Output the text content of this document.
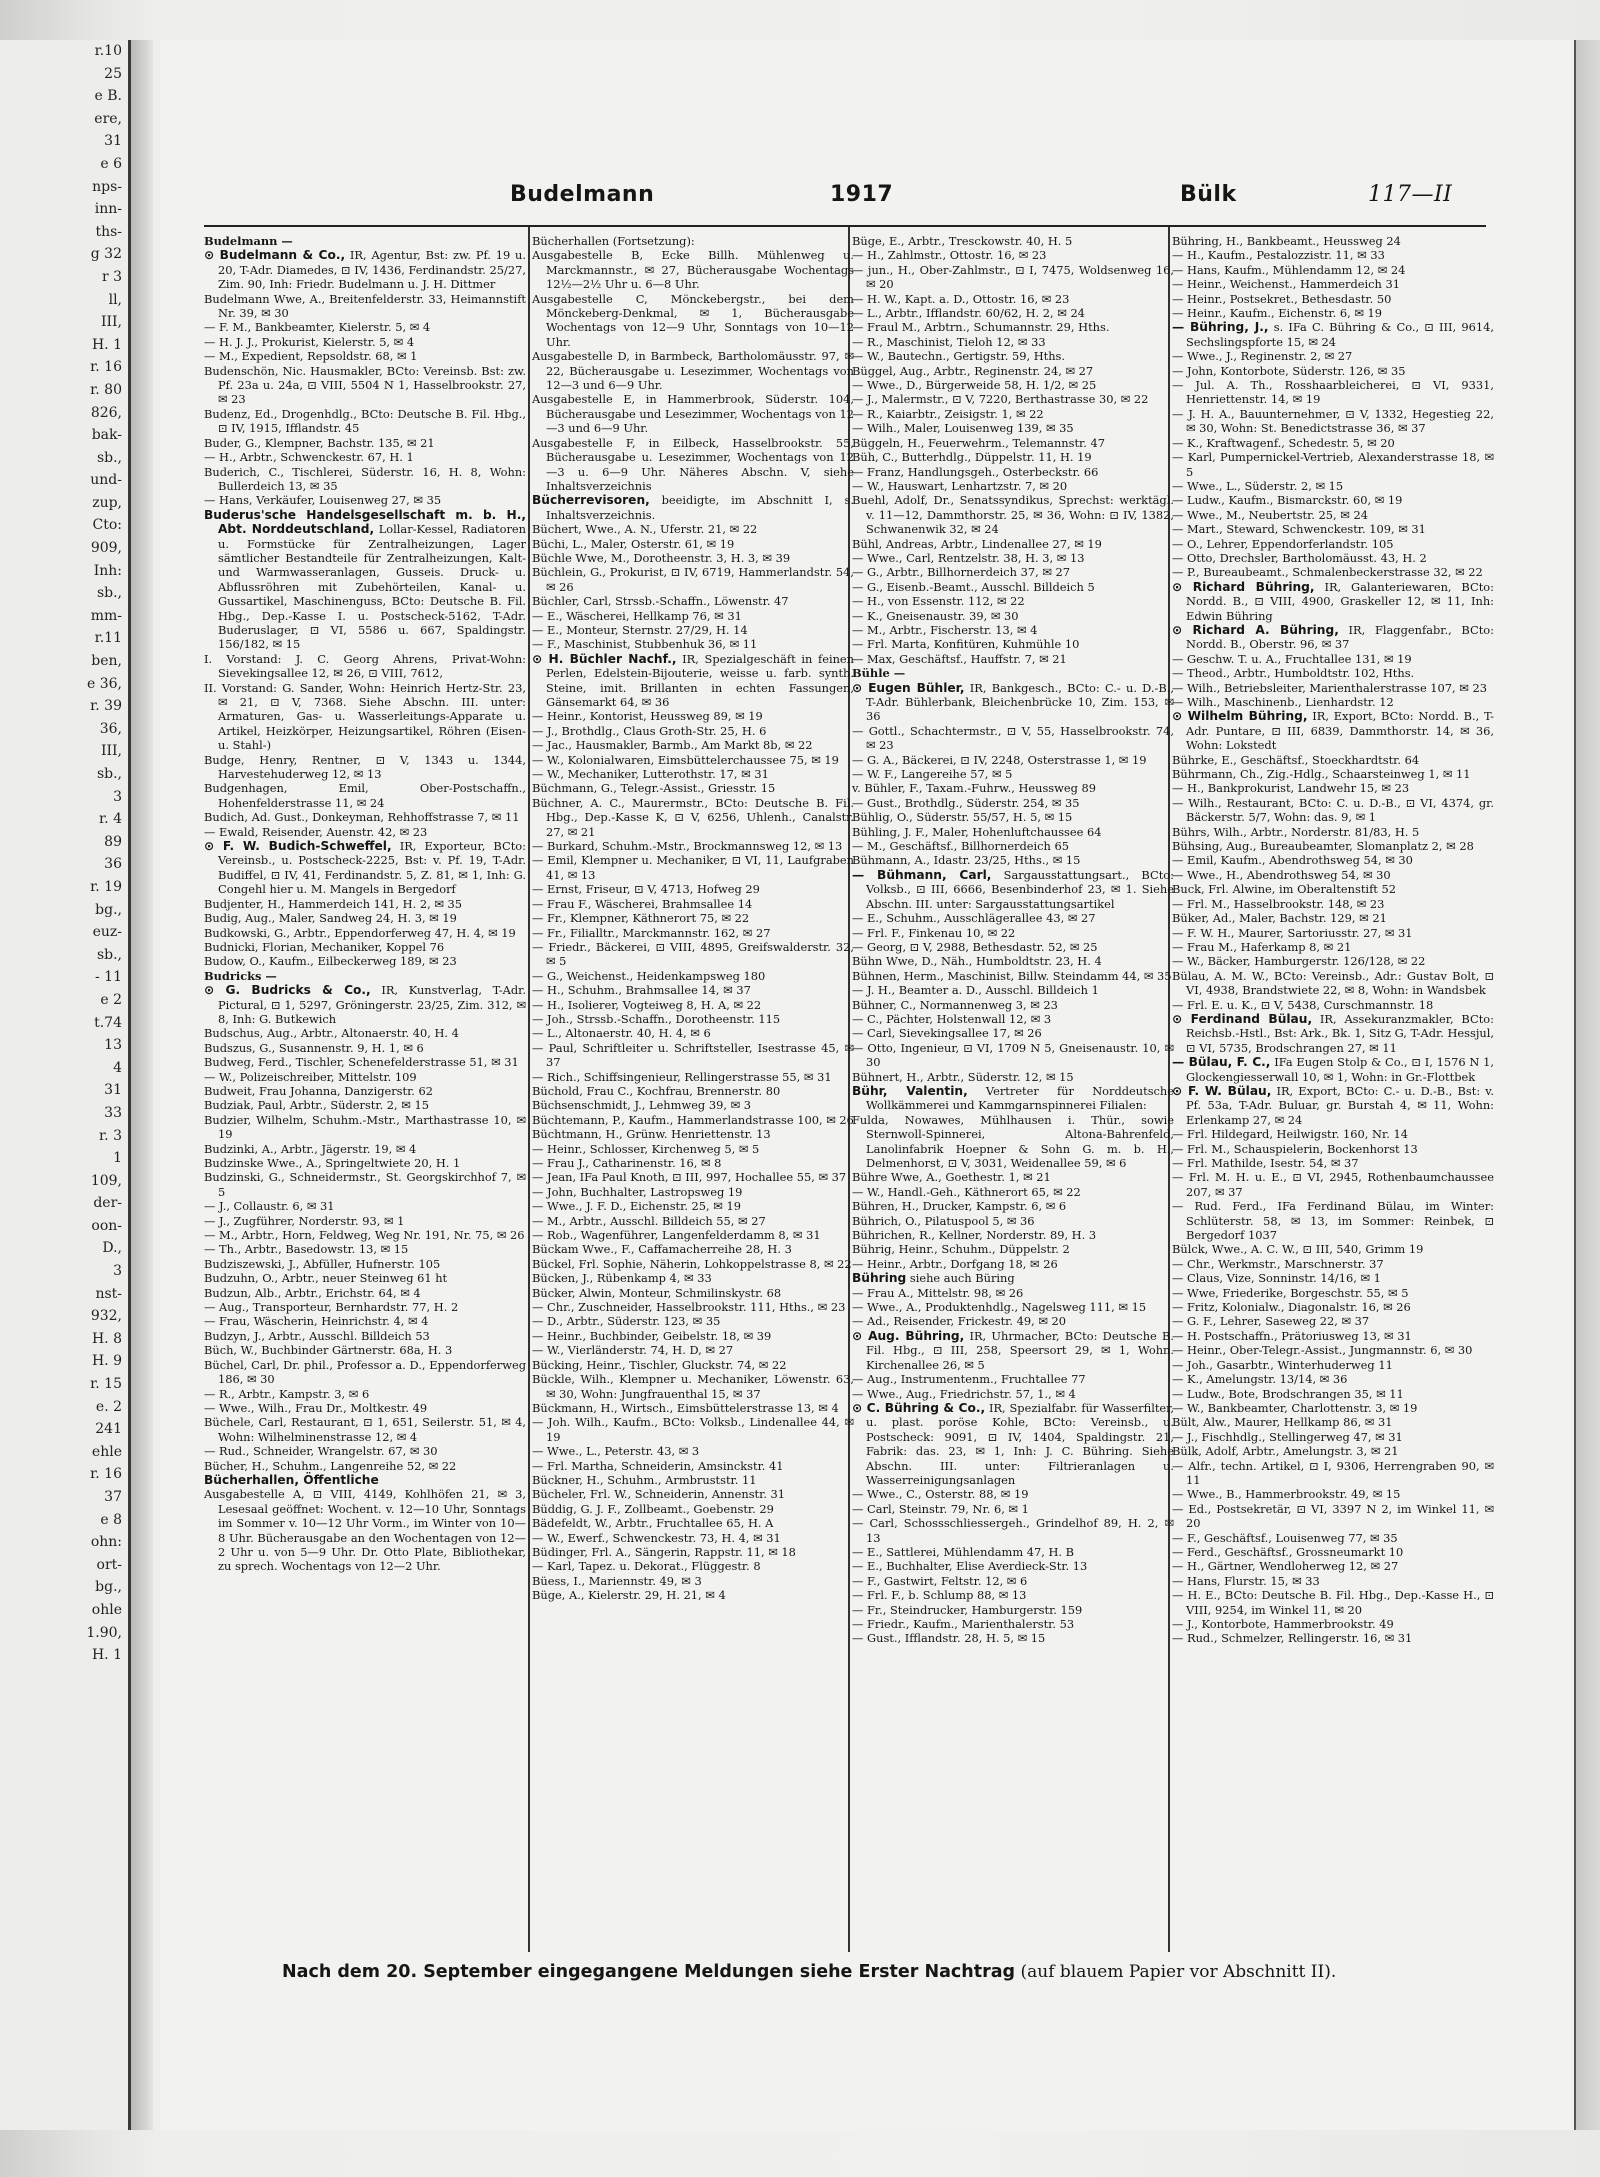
r.10
25
e B.
ere,
31
e 6
nps-
inn-
ths-
g 32
r 3
ll,
III,
H. 1
r. 16
r. 80
826,
bak-
sb.,
und-
zup,
Cto:
909,
Inh:
sb.,
mm-
r.11
ben,
e 36,
r. 39
36,
III,
sb.,
3
r. 4
89
36
r. 19
bg.,
euz-
sb.,
- 11
e 2
t.74
13
4
31
33
r. 3
1
109,
der-
oon-
D.,
3
nst-
932,
H. 8
H. 9
r. 15
e. 2
241
ehle
r. 16
37
e 8
ohn:
ort-
bg.,
ohle
1.90,
H. 1
Budelmann	1917	Bülk	117—II

Budelmann —

⊙ Budelmann & Co., IR, Agentur, Bst: zw. Pf. 19 u. 20, T-Adr. Diamedes, ⊡ IV, 1436, Ferdinandstr. 25/27, Zim. 90, Inh: Friedr. Budelmann u. J. H. Dittmer

Budelmann Wwe, A., Breitenfelderstr. 33, Heimannstift Nr. 39, ✉ 30

— F. M., Bankbeamter, Kielerstr. 5, ✉ 4

— H. J. J., Prokurist, Kielerstr. 5, ✉ 4

— M., Expedient, Repsoldstr. 68, ✉ 1

Budenschön, Nic. Hausmakler, BCto: Vereinsb. Bst: zw. Pf. 23a u. 24a, ⊡ VIII, 5504 N 1, Hasselbrookstr. 27, ✉ 23

Budenz, Ed., Drogenhdlg., BCto: Deutsche B. Fil. Hbg., ⊡ IV, 1915, Ifflandstr. 45

Buder, G., Klempner, Bachstr. 135, ✉ 21

— H., Arbtr., Schwenckestr. 67, H. 1

Buderich, C., Tischlerei, Süderstr. 16, H. 8, Wohn: Bullerdeich 13, ✉ 35

— Hans, Verkäufer, Louisenweg 27, ✉ 35

Buderus'sche Handelsgesellschaft m. b. H., Abt. Norddeutschland, Lollar-Kessel, Radiatoren u. Formstücke für Zentralheizungen, Lager sämtlicher Bestandteile für Zentralheizungen, Kalt- und Warmwasseranlagen, Gusseis. Druck- u. Abflussröhren mit Zubehörteilen, Kanal- u. Gussartikel, Maschinenguss, BCto: Deutsche B. Fil. Hbg., Dep.-Kasse I. u. Postscheck-5162, T-Adr. Buderuslager, ⊡ VI, 5586 u. 667, Spaldingstr. 156/182, ✉ 15

I. Vorstand: J. C. Georg Ahrens, Privat-Wohn: Sievekingsallee 12, ✉ 26, ⊡ VIII, 7612,

II. Vorstand: G. Sander, Wohn: Heinrich Hertz-Str. 23, ✉ 21, ⊡ V, 7368. Siehe Abschn. III. unter: Armaturen, Gas- u. Wasserleitungs-Apparate u. Artikel, Heizkörper, Heizungsartikel, Röhren (Eisen- u. Stahl-)

Budge, Henry, Rentner, ⊡ V, 1343 u. 1344, Harvestehuderweg 12, ✉ 13

Budgenhagen, Emil, Ober-Postschaffn., Hohenfelderstrasse 11, ✉ 24

Budich, Ad. Gust., Donkeyman, Rehhoffstrasse 7, ✉ 11

— Ewald, Reisender, Auenstr. 42, ✉ 23

⊙ F. W. Budich-Schweffel, IR, Exporteur, BCto: Vereinsb., u. Postscheck-2225, Bst: v. Pf. 19, T-Adr. Budiffel, ⊡ IV, 41, Ferdinandstr. 5, Z. 81, ✉ 1, Inh: G. Congehl hier u. M. Mangels in Bergedorf

Budjenter, H., Hammerdeich 141, H. 2, ✉ 35

Budig, Aug., Maler, Sandweg 24, H. 3, ✉ 19

Budkowski, G., Arbtr., Eppendorferweg 47, H. 4, ✉ 19

Budnicki, Florian, Mechaniker, Koppel 76

Budow, O., Kaufm., Eilbeckerweg 189, ✉ 23

Budricks —

⊙ G. Budricks & Co., IR, Kunstverlag, T-Adr. Pictural, ⊡ 1, 5297, Gröningerstr. 23/25, Zim. 312, ✉ 8, Inh: G. Butkewich

Budschus, Aug., Arbtr., Altonaerstr. 40, H. 4

Budszus, G., Susannenstr. 9, H. 1, ✉ 6

Budweg, Ferd., Tischler, Schenefelderstrasse 51, ✉ 31

— W., Polizeischreiber, Mittelstr. 109

Budweit, Frau Johanna, Danzigerstr. 62

Budziak, Paul, Arbtr., Süderstr. 2, ✉ 15

Budzier, Wilhelm, Schuhm.-Mstr., Marthastrasse 10, ✉ 19

Budzinki, A., Arbtr., Jägerstr. 19, ✉ 4

Budzinske Wwe., A., Springeltwiete 20, H. 1

Budzinski, G., Schneidermstr., St. Georgskirchhof 7, ✉ 5

— J., Collaustr. 6, ✉ 31

— J., Zugführer, Norderstr. 93, ✉ 1

— M., Arbtr., Horn, Feldweg, Weg Nr. 191, Nr. 75, ✉ 26

— Th., Arbtr., Basedowstr. 13, ✉ 15

Budziszewski, J., Abfüller, Hufnerstr. 105

Budzuhn, O., Arbtr., neuer Steinweg 61 ht

Budzun, Alb., Arbtr., Erichstr. 64, ✉ 4

— Aug., Transporteur, Bernhardstr. 77, H. 2

— Frau, Wäscherin, Heinrichstr. 4, ✉ 4

Budzyn, J., Arbtr., Ausschl. Billdeich 53

Büch, W., Buchbinder Gärtnerstr. 68a, H. 3

Büchel, Carl, Dr. phil., Professor a. D., Eppendorferweg 186, ✉ 30

— R., Arbtr., Kampstr. 3, ✉ 6

— Wwe., Wilh., Frau Dr., Moltkestr. 49

Büchele, Carl, Restaurant, ⊡ 1, 651, Seilerstr. 51, ✉ 4, Wohn: Wilhelminenstrasse 12, ✉ 4

— Rud., Schneider, Wrangelstr. 67, ✉ 30

Bücher, H., Schuhm., Langenreihe 52, ✉ 22

Bücherhallen, Öffentliche

Ausgabestelle A, ⊡ VIII, 4149, Kohlhöfen 21, ✉ 3, Lesesaal geöffnet: Wochent. v. 12—10 Uhr, Sonntags im Sommer v. 10—12 Uhr Vorm., im Winter von 10—8 Uhr. Bücherausgabe an den Wochentagen von 12—2 Uhr u. von 5—9 Uhr. Dr. Otto Plate, Bibliothekar, zu sprech. Wochentags von 12—2 Uhr.

Bücherhallen (Fortsetzung):

Ausgabestelle B, Ecke Billh. Mühlenweg u. Marckmannstr., ✉ 27, Bücherausgabe Wochentags 12½—2½ Uhr u. 6—8 Uhr.

Ausgabestelle C, Mönckebergstr., bei dem Mönckeberg-Denkmal, ✉ 1, Bücherausgabe Wochentags von 12—9 Uhr, Sonntags von 10—12 Uhr.

Ausgabestelle D, in Barmbeck, Bartholomäusstr. 97, ✉ 22, Bücherausgabe u. Lesezimmer, Wochentags von 12—3 und 6—9 Uhr.

Ausgabestelle E, in Hammerbrook, Süderstr. 104, Bücherausgabe und Lesezimmer, Wochentags von 12—3 und 6—9 Uhr.

Ausgabestelle F, in Eilbeck, Hasselbrookstr. 55, Bücherausgabe u. Lesezimmer, Wochentags von 12—3 u. 6—9 Uhr. Näheres Abschn. V, siehe Inhaltsverzeichnis

Bücherrevisoren, beeidigte, im Abschnitt I, s. Inhaltsverzeichnis.

Büchert, Wwe., A. N., Uferstr. 21, ✉ 22

Büchi, L., Maler, Osterstr. 61, ✉ 19

Büchle Wwe, M., Dorotheenstr. 3, H. 3, ✉ 39

Büchlein, G., Prokurist, ⊡ IV, 6719, Hammerlandstr. 54, ✉ 26

Büchler, Carl, Strssb.-Schaffn., Löwenstr. 47

— E., Wäscherei, Hellkamp 76, ✉ 31

— E., Monteur, Sternstr. 27/29, H. 14

— F., Maschinist, Stubbenhuk 36, ✉ 11

⊙ H. Büchler Nachf., IR, Spezialgeschäft in feinen Perlen, Edelstein-Bijouterie, weisse u. farb. synth. Steine, imit. Brillanten in echten Fassungen, Gänsemarkt 64, ✉ 36

— Heinr., Kontorist, Heussweg 89, ✉ 19

— J., Brothdlg., Claus Groth-Str. 25, H. 6

— Jac., Hausmakler, Barmb., Am Markt 8b, ✉ 22

— W., Kolonialwaren, Eimsbüttelerchaussee 75, ✉ 19

— W., Mechaniker, Lutterothstr. 17, ✉ 31

Büchmann, G., Telegr.-Assist., Griesstr. 15

Büchner, A. C., Maurermstr., BCto: Deutsche B. Fil. Hbg., Dep.-Kasse K, ⊡ V, 6256, Uhlenh., Canalstr. 27, ✉ 21

— Burkard, Schuhm.-Mstr., Brockmannsweg 12, ✉ 13

— Emil, Klempner u. Mechaniker, ⊡ VI, 11, Laufgraben 41, ✉ 13

— Ernst, Friseur, ⊡ V, 4713, Hofweg 29

— Frau F., Wäscherei, Brahmsallee 14

— Fr., Klempner, Käthnerort 75, ✉ 22

— Fr., Filialltr., Marckmannstr. 162, ✉ 27

— Friedr., Bäckerei, ⊡ VIII, 4895, Greifswalderstr. 32, ✉ 5

— G., Weichenst., Heidenkampsweg 180

— H., Schuhm., Brahmsallee 14, ✉ 37

— H., Isolierer, Vogteiweg 8, H. A, ✉ 22

— Joh., Strssb.-Schaffn., Dorotheenstr. 115

— L., Altonaerstr. 40, H. 4, ✉ 6

— Paul, Schriftleiter u. Schriftsteller, Isestrasse 45, ✉ 37

— Rich., Schiffsingenieur, Rellingerstrasse 55, ✉ 31

Büchold, Frau C., Kochfrau, Brennerstr. 80

Büchsenschmidt, J., Lehmweg 39, ✉ 3

Büchtemann, P., Kaufm., Hammerlandstrasse 100, ✉ 26

Büchtmann, H., Grünw. Henriettenstr. 13

— Heinr., Schlosser, Kirchenweg 5, ✉ 5

— Frau J., Catharinenstr. 16, ✉ 8

— Jean, IFa Paul Knoth, ⊡ III, 997, Hochallee 55, ✉ 37

— John, Buchhalter, Lastropsweg 19

— Wwe., J. F. D., Eichenstr. 25, ✉ 19

— M., Arbtr., Ausschl. Billdeich 55, ✉ 27

— Rob., Wagenführer, Langenfelderdamm 8, ✉ 31

Bückam Wwe., F., Caffamacherreihe 28, H. 3

Bückel, Frl. Sophie, Näherin, Lohkoppelstrasse 8, ✉ 22

Bücken, J., Rübenkamp 4, ✉ 33

Bücker, Alwin, Monteur, Schmilinskystr. 68

— Chr., Zuschneider, Hasselbrookstr. 111, Hths., ✉ 23

— D., Arbtr., Süderstr. 123, ✉ 35

— Heinr., Buchbinder, Geibelstr. 18, ✉ 39

— W., Vierländerstr. 74, H. D, ✉ 27

Bücking, Heinr., Tischler, Gluckstr. 74, ✉ 22

Bückle, Wilh., Klempner u. Mechaniker, Löwenstr. 63, ✉ 30, Wohn: Jungfrauenthal 15, ✉ 37

Bückmann, H., Wirtsch., Eimsbüttelerstrasse 13, ✉ 4

— Joh. Wilh., Kaufm., BCto: Volksb., Lindenallee 44, ✉ 19

— Wwe., L., Peterstr. 43, ✉ 3

— Frl. Martha, Schneiderin, Amsinckstr. 41

Bückner, H., Schuhm., Armbruststr. 11

Bücheler, Frl. W., Schneiderin, Annenstr. 31

Büddig, G. J. F., Zollbeamt., Goebenstr. 29

Bädefeldt, W., Arbtr., Fruchtallee 65, H. A

— W., Ewerf., Schwenckestr. 73, H. 4, ✉ 31

Büdinger, Frl. A., Sängerin, Rappstr. 11, ✉ 18

— Karl, Tapez. u. Dekorat., Flüggestr. 8

Büess, I., Mariennstr. 49, ✉ 3

Büge, A., Kielerstr. 29, H. 21, ✉ 4

Büge, E., Arbtr., Tresckowstr. 40, H. 5

— H., Zahlmstr., Ottostr. 16, ✉ 23

— jun., H., Ober-Zahlmstr., ⊡ I, 7475, Woldsenweg 16, ✉ 20

— H. W., Kapt. a. D., Ottostr. 16, ✉ 23

— L., Arbtr., Ifflandstr. 60/62, H. 2, ✉ 24

— Fraul M., Arbtrn., Schumannstr. 29, Hths.

— R., Maschinist, Tieloh 12, ✉ 33

— W., Bautechn., Gertigstr. 59, Hths.

Büggel, Aug., Arbtr., Reginenstr. 24, ✉ 27

— Wwe., D., Bürgerweide 58, H. 1/2, ✉ 25

— J., Malermstr., ⊡ V, 7220, Berthastrasse 30, ✉ 22

— R., Kaiarbtr., Zeisigstr. 1, ✉ 22

— Wilh., Maler, Louisenweg 139, ✉ 35

Büggeln, H., Feuerwehrm., Telemannstr. 47

Büh, C., Butterhdlg., Düppelstr. 11, H. 19

— Franz, Handlungsgeh., Osterbeckstr. 66

— W., Hauswart, Lenhartzstr. 7, ✉ 20

Buehl, Adolf, Dr., Senatssyndikus, Sprechst: werktägl. v. 11—12, Dammthorstr. 25, ✉ 36, Wohn: ⊡ IV, 1382, Schwanenwik 32, ✉ 24

Bühl, Andreas, Arbtr., Lindenallee 27, ✉ 19

— Wwe., Carl, Rentzelstr. 38, H. 3, ✉ 13

— G., Arbtr., Billhornerdeich 37, ✉ 27

— G., Eisenb.-Beamt., Ausschl. Billdeich 5

— H., von Essenstr. 112, ✉ 22

— K., Gneisenaustr. 39, ✉ 30

— M., Arbtr., Fischerstr. 13, ✉ 4

— Frl. Marta, Konfitüren, Kuhmühle 10

— Max, Geschäftsf., Hauffstr. 7, ✉ 21

Bühle —

⊙ Eugen Bühler, IR, Bankgesch., BCto: C.- u. D.-B., T-Adr. Bühlerbank, Bleichenbrücke 10, Zim. 153, ✉ 36

— Gottl., Schachtermstr., ⊡ V, 55, Hasselbrookstr. 74, ✉ 23

— G. A., Bäckerei, ⊡ IV, 2248, Osterstrasse 1, ✉ 19

— W. F., Langereihe 57, ✉ 5

v. Bühler, F., Taxam.-Fuhrw., Heussweg 89

— Gust., Brothdlg., Süderstr. 254, ✉ 35

Bühlig, O., Süderstr. 55/57, H. 5, ✉ 15

Bühling, J. F., Maler, Hohenluftchaussee 64

— M., Geschäftsf., Billhornerdeich 65

Bühmann, A., Idastr. 23/25, Hths., ✉ 15

— Bühmann, Carl, Sargausstattungsart., BCto: Volksb., ⊡ III, 6666, Besenbinderhof 23, ✉ 1. Siehe Abschn. III. unter: Sargausstattungsartikel

— E., Schuhm., Ausschlägerallee 43, ✉ 27

— Frl. F., Finkenau 10, ✉ 22

— Georg, ⊡ V, 2988, Bethesdastr. 52, ✉ 25

Bühn Wwe, D., Näh., Humboldtstr. 23, H. 4

Bühnen, Herm., Maschinist, Billw. Steindamm 44, ✉ 35

— J. H., Beamter a. D., Ausschl. Billdeich 1

Bühner, C., Normannenweg 3, ✉ 23

— C., Pächter, Holstenwall 12, ✉ 3

— Carl, Sievekingsallee 17, ✉ 26

— Otto, Ingenieur, ⊡ VI, 1709 N 5, Gneisenaustr. 10, ✉ 30

Bühnert, H., Arbtr., Süderstr. 12, ✉ 15

Bühr, Valentin, Vertreter für Norddeutsche Wollkämmerei und Kammgarnspinnerei Filialen:

Fulda, Nowawes, Mühlhausen i. Thür., sowie Sternwoll-Spinnerei, Altona-Bahrenfeld, Lanolinfabrik Hoepner & Sohn G. m. b. H., Delmenhorst, ⊡ V, 3031, Weidenallee 59, ✉ 6

Bühre Wwe, A., Goethestr. 1, ✉ 21

— W., Handl.-Geh., Käthnerort 65, ✉ 22

Bühren, H., Drucker, Kampstr. 6, ✉ 6

Bührich, O., Pilatuspool 5, ✉ 36

Bührichen, R., Kellner, Norderstr. 89, H. 3

Bührig, Heinr., Schuhm., Düppelstr. 2

— Heinr., Arbtr., Dorfgang 18, ✉ 26

Bühring siehe auch Büring

— Frau A., Mittelstr. 98, ✉ 26

— Wwe., A., Produktenhdlg., Nagelsweg 111, ✉ 15

— Ad., Reisender, Frickestr. 49, ✉ 20

⊙ Aug. Bühring, IR, Uhrmacher, BCto: Deutsche B. Fil. Hbg., ⊡ III, 258, Speersort 29, ✉ 1, Wohn. Kirchenallee 26, ✉ 5

— Aug., Instrumentenm., Fruchtallee 77

— Wwe., Aug., Friedrichstr. 57, 1., ✉ 4

⊙ C. Bühring & Co., IR, Spezialfabr. für Wasserfilter, u. plast. poröse Kohle, BCto: Vereinsb., u. Postscheck: 9091, ⊡ IV, 1404, Spaldingstr. 21, Fabrik: das. 23, ✉ 1, Inh: J. C. Bühring. Siehe Abschn. III. unter: Filtrieranlagen u. Wasserreinigungsanlagen

— Wwe., C., Osterstr. 88, ✉ 19

— Carl, Steinstr. 79, Nr. 6, ✉ 1

— Carl, Schossschliessergeh., Grindelhof 89, H. 2, ✉ 13

— E., Sattlerei, Mühlendamm 47, H. B

— E., Buchhalter, Elise Averdieck-Str. 13

— F., Gastwirt, Feltstr. 12, ✉ 6

— Frl. F., b. Schlump 88, ✉ 13

— Fr., Steindrucker, Hamburgerstr. 159

— Friedr., Kaufm., Marienthalerstr. 53

— Gust., Ifflandstr. 28, H. 5, ✉ 15

Bühring, H., Bankbeamt., Heussweg 24

— H., Kaufm., Pestalozzistr. 11, ✉ 33

— Hans, Kaufm., Mühlendamm 12, ✉ 24

— Heinr., Weichenst., Hammerdeich 31

— Heinr., Postsekret., Bethesdastr. 50

— Heinr., Kaufm., Eichenstr. 6, ✉ 19

— Bühring, J., s. IFa C. Bühring & Co., ⊡ III, 9614, Sechslingspforte 15, ✉ 24

— Wwe., J., Reginenstr. 2, ✉ 27

— John, Kontorbote, Süderstr. 126, ✉ 35

— Jul. A. Th., Rosshaarbleicherei, ⊡ VI, 9331, Henriettenstr. 14, ✉ 19

— J. H. A., Bauunternehmer, ⊡ V, 1332, Hegestieg 22, ✉ 30, Wohn: St. Benedictstrasse 36, ✉ 37

— K., Kraftwagenf., Schedestr. 5, ✉ 20

— Karl, Pumpernickel-Vertrieb, Alexanderstrasse 18, ✉ 5

— Wwe., L., Süderstr. 2, ✉ 15

— Ludw., Kaufm., Bismarckstr. 60, ✉ 19

— Wwe., M., Neubertstr. 25, ✉ 24

— Mart., Steward, Schwenckestr. 109, ✉ 31

— O., Lehrer, Eppendorferlandstr. 105

— Otto, Drechsler, Bartholomäusst. 43, H. 2

— P., Bureaubeamt., Schmalenbeckerstrasse 32, ✉ 22

⊙ Richard Bühring, IR, Galanteriewaren, BCto: Nordd. B., ⊡ VIII, 4900, Graskeller 12, ✉ 11, Inh: Edwin Bühring

⊙ Richard A. Bühring, IR, Flaggenfabr., BCto: Nordd. B., Oberstr. 96, ✉ 37

— Geschw. T. u. A., Fruchtallee 131, ✉ 19

— Theod., Arbtr., Humboldtstr. 102, Hths.

— Wilh., Betriebsleiter, Marienthalerstrasse 107, ✉ 23

— Wilh., Maschinenb., Lienhardstr. 12

⊙ Wilhelm Bühring, IR, Export, BCto: Nordd. B., T-Adr. Puntare, ⊡ III, 6839, Dammthorstr. 14, ✉ 36, Wohn: Lokstedt

Bührke, E., Geschäftsf., Stoeckhardtstr. 64

Bührmann, Ch., Zig.-Hdlg., Schaarsteinweg 1, ✉ 11

— H., Bankprokurist, Landwehr 15, ✉ 23

— Wilh., Restaurant, BCto: C. u. D.-B., ⊡ VI, 4374, gr. Bäckerstr. 5/7, Wohn: das. 9, ✉ 1

Bührs, Wilh., Arbtr., Norderstr. 81/83, H. 5

Bühsing, Aug., Bureaubeamter, Slomanplatz 2, ✉ 28

— Emil, Kaufm., Abendrothsweg 54, ✉ 30

— Wwe., H., Abendrothsweg 54, ✉ 30

Buck, Frl. Alwine, im Oberaltenstift 52

— Frl. M., Hasselbrookstr. 148, ✉ 23

Büker, Ad., Maler, Bachstr. 129, ✉ 21

— F. W. H., Maurer, Sartoriusstr. 27, ✉ 31

— Frau M., Haferkamp 8, ✉ 21

— W., Bäcker, Hamburgerstr. 126/128, ✉ 22

Bülau, A. M. W., BCto: Vereinsb., Adr.: Gustav Bolt, ⊡ VI, 4938, Brandstwiete 22, ✉ 8, Wohn: in Wandsbek

— Frl. E. u. K., ⊡ V, 5438, Curschmannstr. 18

⊙ Ferdinand Bülau, IR, Assekuranzmakler, BCto: Reichsb.-Hstl., Bst: Ark., Bk. 1, Sitz G, T-Adr. Hessjul, ⊡ VI, 5735, Brodschrangen 27, ✉ 11

— Bülau, F. C., IFa Eugen Stolp & Co., ⊡ I, 1576 N 1, Glockengiesserwall 10, ✉ 1, Wohn: in Gr.-Flottbek

⊙ F. W. Bülau, IR, Export, BCto: C.- u. D.-B., Bst: v. Pf. 53a, T-Adr. Buluar, gr. Burstah 4, ✉ 11, Wohn: Erlenkamp 27, ✉ 24

— Frl. Hildegard, Heilwigstr. 160, Nr. 14

— Frl. M., Schauspielerin, Bockenhorst 13

— Frl. Mathilde, Isestr. 54, ✉ 37

— Frl. M. H. u. E., ⊡ VI, 2945, Rothenbaumchaussee 207, ✉ 37

— Rud. Ferd., IFa Ferdinand Bülau, im Winter: Schlüterstr. 58, ✉ 13, im Sommer: Reinbek, ⊡ Bergedorf 1037

Bülck, Wwe., A. C. W., ⊡ III, 540, Grimm 19

— Chr., Werkmstr., Marschnerstr. 37

— Claus, Vize, Sonninstr. 14/16, ✉ 1

— Wwe, Friederike, Borgeschstr. 55, ✉ 5

— Fritz, Kolonialw., Diagonalstr. 16, ✉ 26

— G. F., Lehrer, Saseweg 22, ✉ 37

— H. Postschaffn., Prätoriusweg 13, ✉ 31

— Heinr., Ober-Telegr.-Assist., Jungmannstr. 6, ✉ 30

— Joh., Gasarbtr., Winterhuderweg 11

— K., Amelungstr. 13/14, ✉ 36

— Ludw., Bote, Brodschrangen 35, ✉ 11

— W., Bankbeamter, Charlottenstr. 3, ✉ 19

Bült, Alw., Maurer, Hellkamp 86, ✉ 31

— J., Fischhdlg., Stellingerweg 47, ✉ 31

Bülk, Adolf, Arbtr., Amelungstr. 3, ✉ 21

— Alfr., techn. Artikel, ⊡ I, 9306, Herrengraben 90, ✉ 11

— Wwe., B., Hammerbrookstr. 49, ✉ 15

— Ed., Postsekretär, ⊡ VI, 3397 N 2, im Winkel 11, ✉ 20

— F., Geschäftsf., Louisenweg 77, ✉ 35

— Ferd., Geschäftsf., Grossneumarkt 10

— H., Gärtner, Wendloherweg 12, ✉ 27

— Hans, Flurstr. 15, ✉ 33

— H. E., BCto: Deutsche B. Fil. Hbg., Dep.-Kasse H., ⊡ VIII, 9254, im Winkel 11, ✉ 20

— J., Kontorbote, Hammerbrookstr. 49

— Rud., Schmelzer, Rellingerstr. 16, ✉ 31

Nach dem 20. September eingegangene Meldungen siehe Erster Nachtrag (auf blauem Papier vor Abschnitt II).
